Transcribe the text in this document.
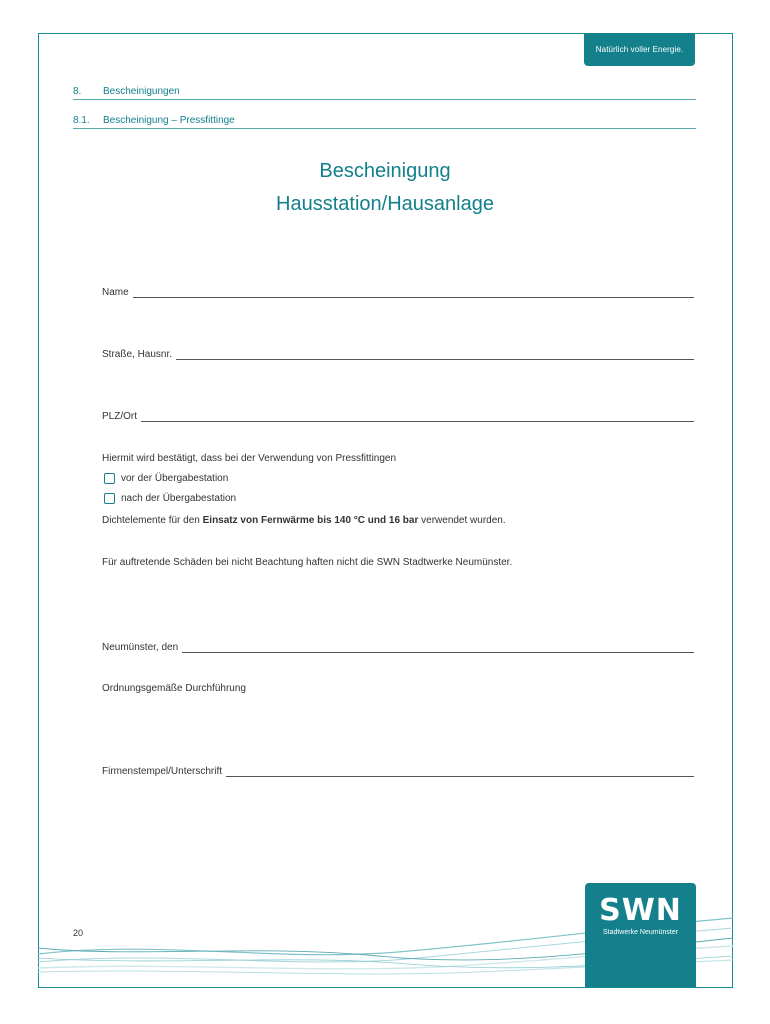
Natürlich voller Energie.
8. Bescheinigungen
8.1. Bescheinigung – Pressfittinge
Bescheinigung
Hausstation/Hausanlage
Name
Straße, Hausnr.
PLZ/Ort
Hiermit wird bestätigt, dass bei der Verwendung von Pressfittingen
vor der Übergabestation
nach der Übergabestation
Dichtelemente für den Einsatz von Fernwärme bis 140 °C und 16 bar verwendet wurden.
Für auftretende Schäden bei nicht Beachtung haften nicht die SWN Stadtwerke Neumünster.
Neumünster, den
Ordnungsgemäße Durchführung
Firmenstempel/Unterschrift
20
SWN
Stadtwerke Neumünster
